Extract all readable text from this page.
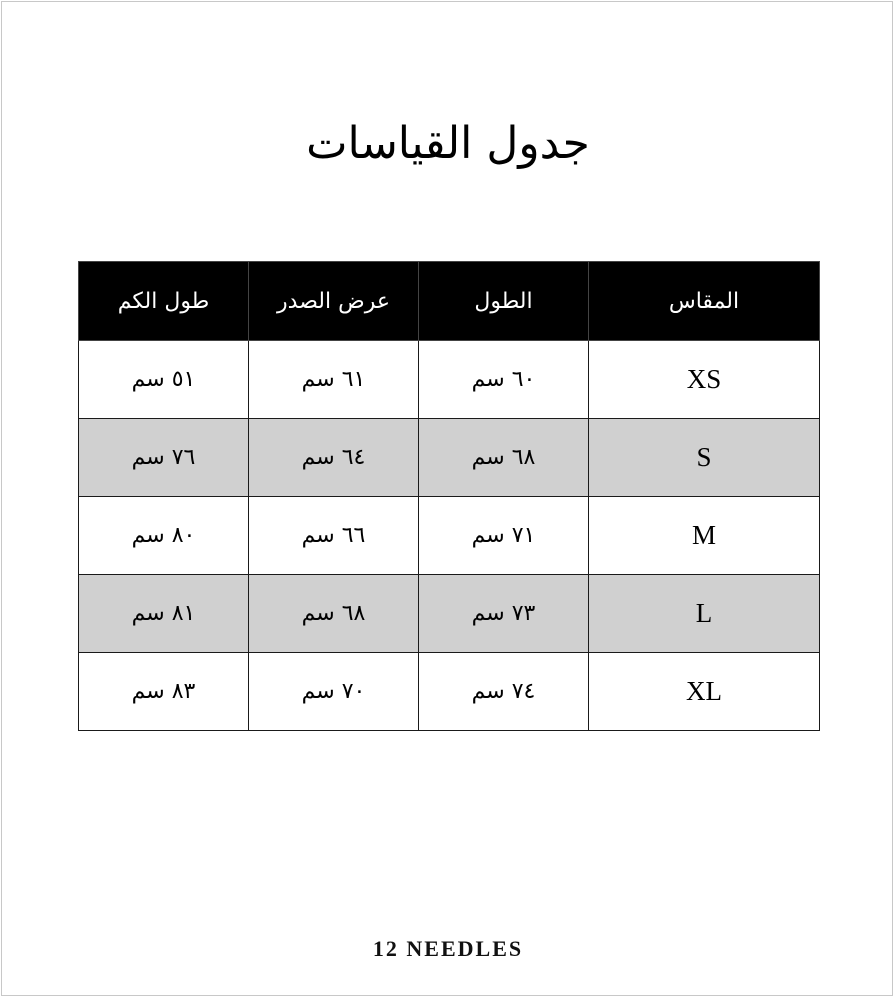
جدول القياسات
طول الكم	عرض الصدر	الطول	المقاس
٥١ سم	٦١ سم	٦٠ سم	XS
٧٦ سم	٦٤ سم	٦٨ سم	S
٨٠ سم	٦٦ سم	٧١ سم	M
٨١ سم	٦٨ سم	٧٣ سم	L
٨٣ سم	٧٠ سم	٧٤ سم	XL
12 NEEDLES
